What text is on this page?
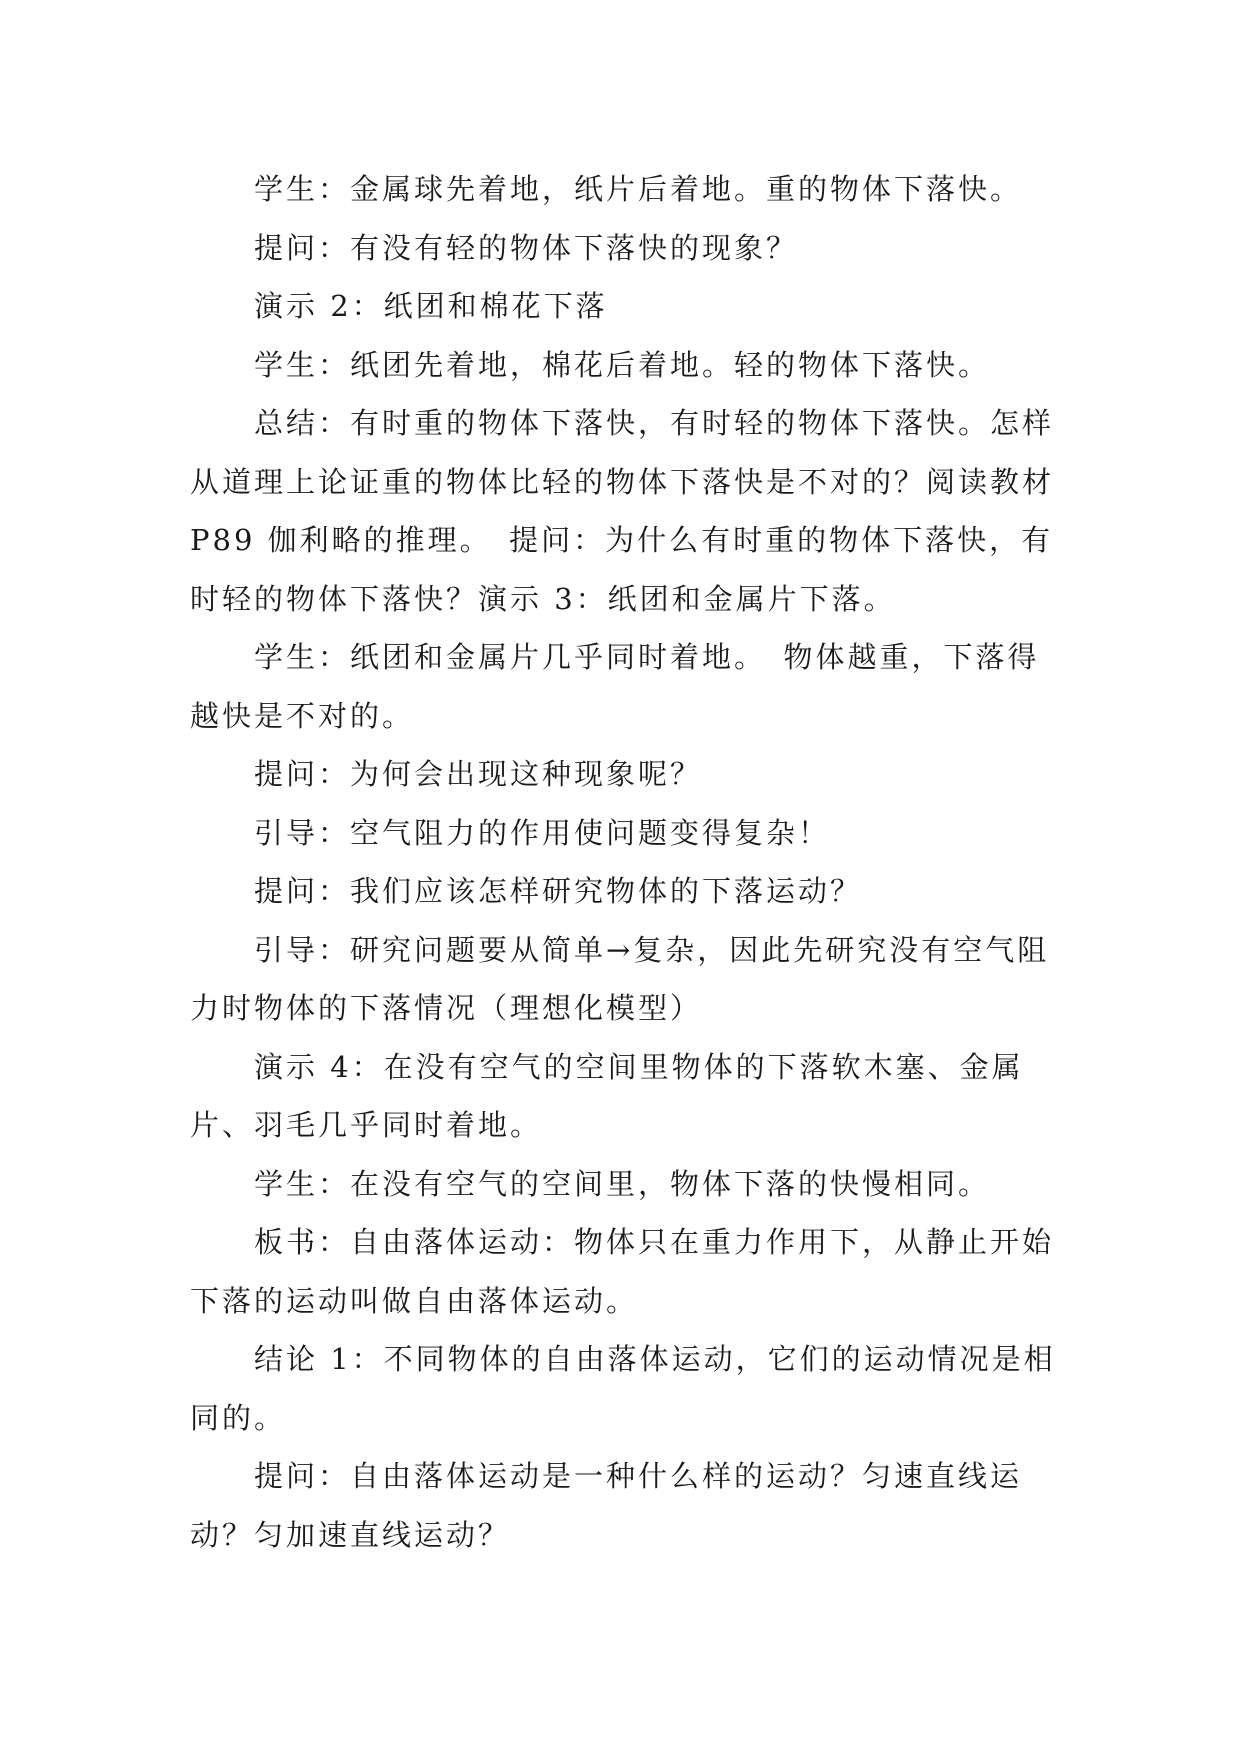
学生：金属球先着地，纸片后着地。重的物体下落快。

提问：有没有轻的物体下落快的现象？

演示 2：纸团和棉花下落

学生：纸团先着地，棉花后着地。轻的物体下落快。

总结：有时重的物体下落快，有时轻的物体下落快。怎样从道理上论证重的物体比轻的物体下落快是不对的？阅读教材 P89 伽利略的推理。　提问：为什么有时重的物体下落快，有时轻的物体下落快？演示 3：纸团和金属片下落。

学生：纸团和金属片几乎同时着地。　物体越重，下落得越快是不对的。

提问：为何会出现这种现象呢？

引导：空气阻力的作用使问题变得复杂！

提问：我们应该怎样研究物体的下落运动？

引导：研究问题要从简单→复杂，因此先研究没有空气阻力时物体的下落情况（理想化模型）

演示 4：在没有空气的空间里物体的下落软木塞、金属片、羽毛几乎同时着地。

学生：在没有空气的空间里，物体下落的快慢相同。

板书：自由落体运动：物体只在重力作用下，从静止开始下落的运动叫做自由落体运动。

结论 1：不同物体的自由落体运动，它们的运动情况是相同的。

提问：自由落体运动是一种什么样的运动？匀速直线运动？匀加速直线运动？
